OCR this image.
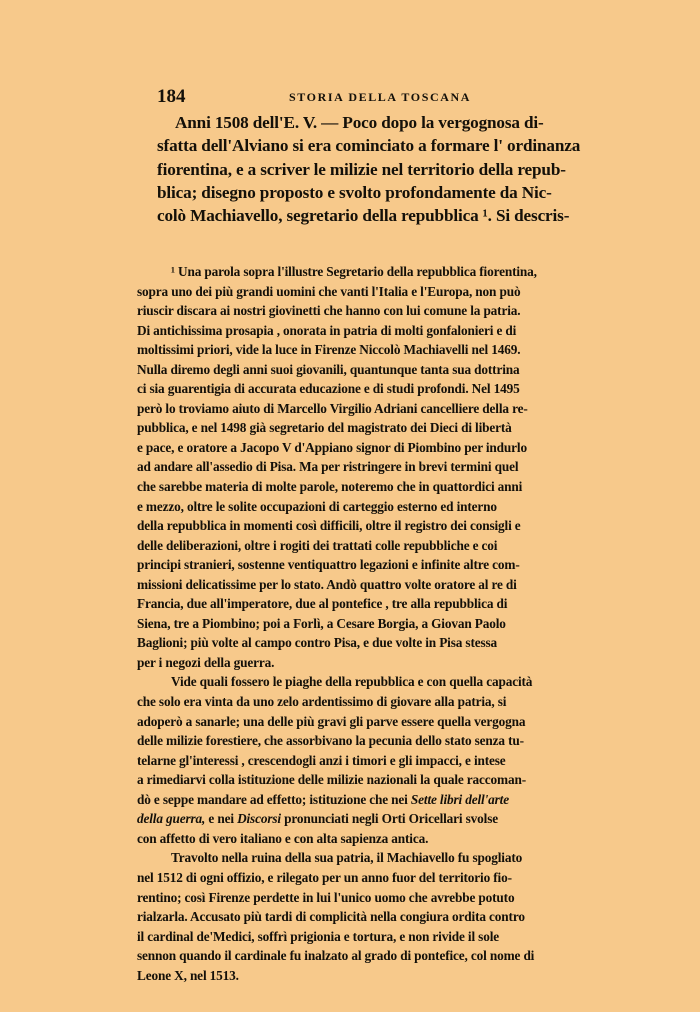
184	STORIA DELLA TOSCANA
Anni 1508 dell'E. V. — Poco dopo la vergognosa di-
sfatta dell'Alviano si era cominciato a formare l' ordinanza
fiorentina, e a scriver le milizie nel territorio della repub-
blica; disegno proposto e svolto profondamente da Nic-
colò Machiavello, segretario della repubblica ¹. Si descris-
¹ Una parola sopra l'illustre Segretario della repubblica fiorentina,
sopra uno dei più grandi uomini che vanti l'Italia e l'Europa, non può
riuscir discara ai nostri giovinetti che hanno con lui comune la patria.
Di antichissima prosapia , onorata in patria di molti gonfalonieri e di
moltissimi priori, vide la luce in Firenze Niccolò Machiavelli nel 1469.
Nulla diremo degli anni suoi giovanili, quantunque tanta sua dottrina
ci sia guarentigia di accurata educazione e di studi profondi. Nel 1495
però lo troviamo aiuto di Marcello Virgilio Adriani cancelliere della re-
pubblica, e nel 1498 già segretario del magistrato dei Dieci di libertà
e pace, e oratore a Jacopo V d'Appiano signor di Piombino per indurlo
ad andare all'assedio di Pisa. Ma per ristringere in brevi termini quel
che sarebbe materia di molte parole, noteremo che in quattordici anni
e mezzo, oltre le solite occupazioni di carteggio esterno ed interno
della repubblica in momenti così difficili, oltre il registro dei consigli e
delle deliberazioni, oltre i rogiti dei trattati colle repubbliche e coi
principi stranieri, sostenne ventiquattro legazioni e infinite altre com-
missioni delicatissime per lo stato. Andò quattro volte oratore al re di
Francia, due all'imperatore, due al pontefice , tre alla repubblica di
Siena, tre a Piombino; poi a Forlì, a Cesare Borgia, a Giovan Paolo
Baglioni; più volte al campo contro Pisa, e due volte in Pisa stessa
per i negozi della guerra.
Vide quali fossero le piaghe della repubblica e con quella capacità
che solo era vinta da uno zelo ardentissimo di giovare alla patria, si
adoperò a sanarle; una delle più gravi gli parve essere quella vergogna
delle milizie forestiere, che assorbivano la pecunia dello stato senza tu-
telarne gl'interessi , crescendogli anzi i timori e gli impacci, e intese
a rimediarvi colla istituzione delle milizie nazionali la quale raccoman-
dò e seppe mandare ad effetto; istituzione che nei Sette libri dell'arte
della guerra, e nei Discorsi pronunciati negli Orti Oricellari svolse
con affetto di vero italiano e con alta sapienza antica.
Travolto nella ruina della sua patria, il Machiavello fu spogliato
nel 1512 di ogni offizio, e rilegato per un anno fuor del territorio fio-
rentino; così Firenze perdette in lui l'unico uomo che avrebbe potuto
rialzarla. Accusato più tardi di complicità nella congiura ordita contro
il cardinal de'Medici, soffrì prigionia e tortura, e non rivide il sole
sennon quando il cardinale fu inalzato al grado di pontefice, col nome di
Leone X, nel 1513.
